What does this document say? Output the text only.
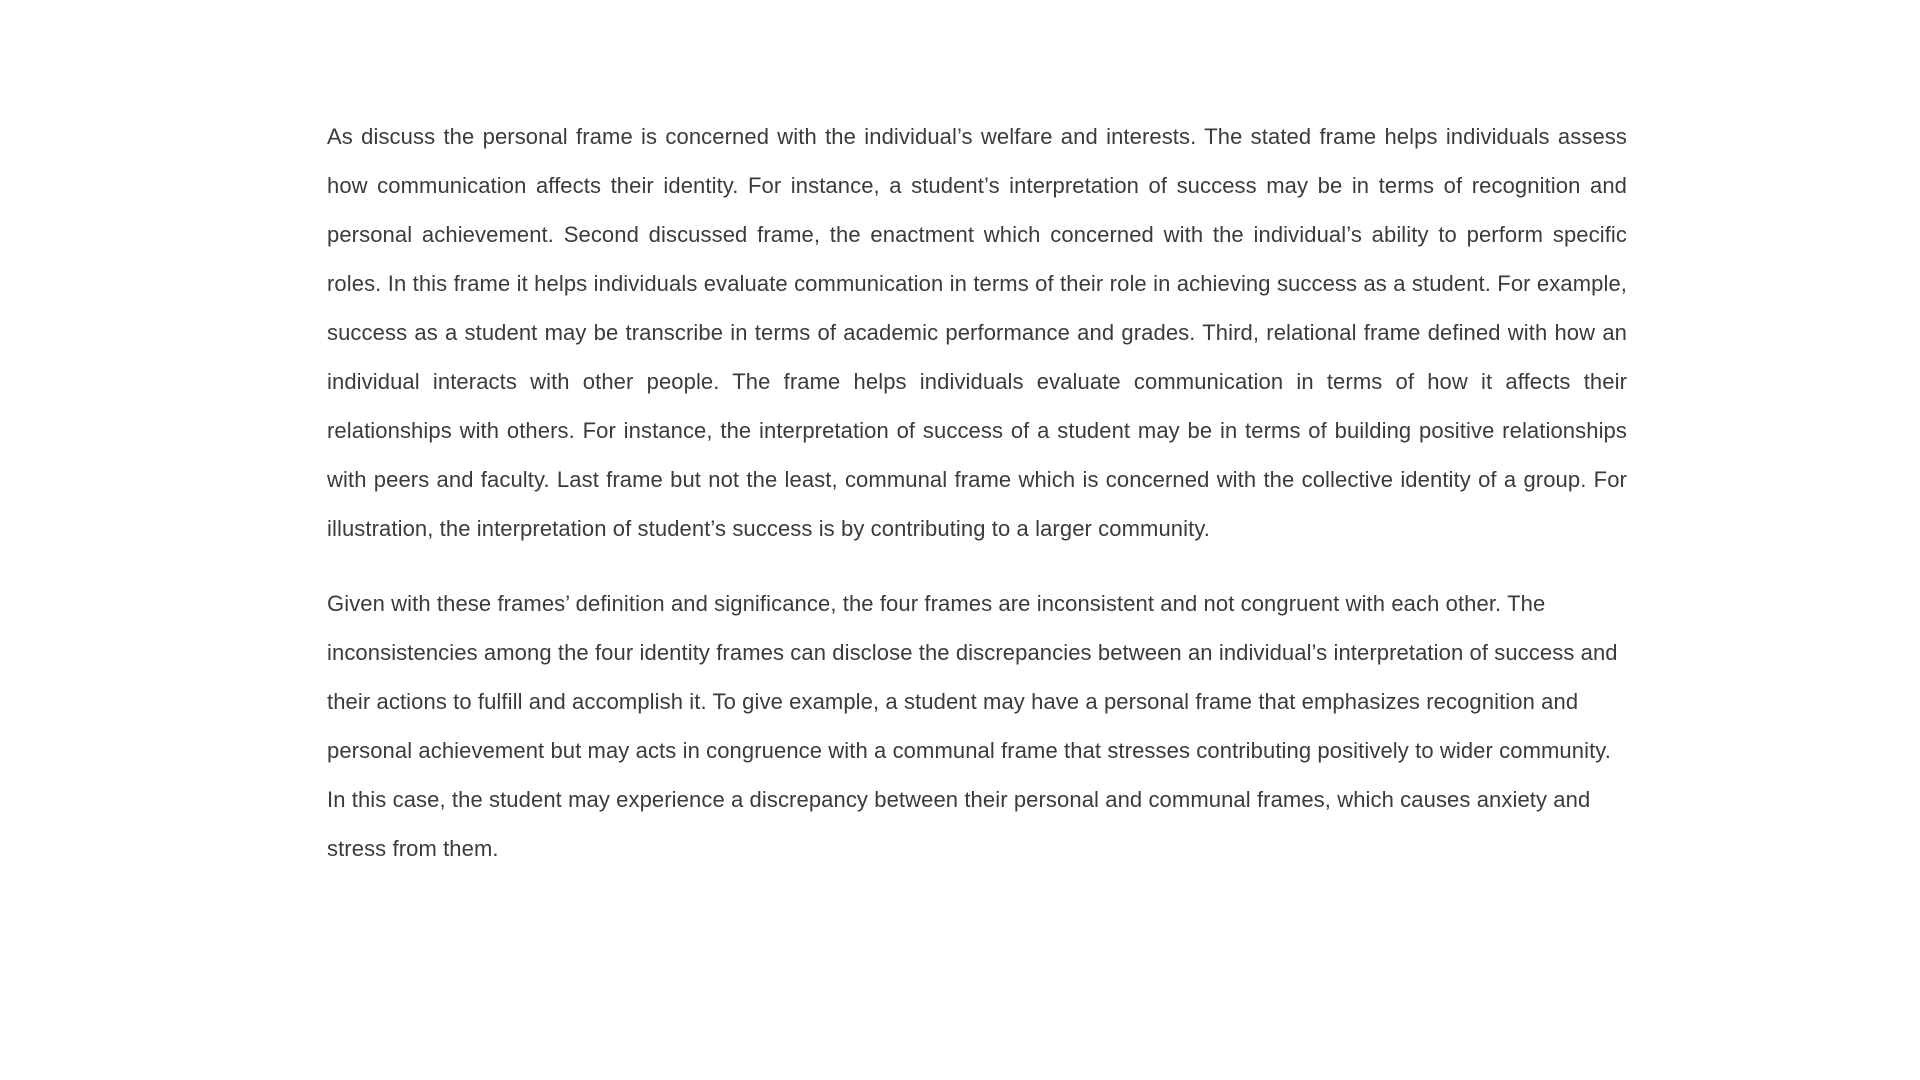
As discuss the personal frame is concerned with the individual’s welfare and interests. The stated frame helps individuals assess how communication affects their identity. For instance, a student’s interpretation of success may be in terms of recognition and personal achievement. Second discussed frame, the enactment which concerned with the individual’s ability to perform specific roles. In this frame it helps individuals evaluate communication in terms of their role in achieving success as a student. For example, success as a student may be transcribe in terms of academic performance and grades. Third, relational frame defined with how an individual interacts with other people. The frame helps individuals evaluate communication in terms of how it affects their relationships with others. For instance, the interpretation of success of a student may be in terms of building positive relationships with peers and faculty. Last frame but not the least, communal frame which is concerned with the collective identity of a group. For illustration, the interpretation of student’s success is by contributing to a larger community.

Given with these frames’ definition and significance, the four frames are inconsistent and not congruent with each other. The inconsistencies among the four identity frames can disclose the discrepancies between an individual’s interpretation of success and their actions to fulfill and accomplish it. To give example, a student may have a personal frame that emphasizes recognition and personal achievement but may acts in congruence with a communal frame that stresses contributing positively to wider community. In this case, the student may experience a discrepancy between their personal and communal frames, which causes anxiety and stress from them.
